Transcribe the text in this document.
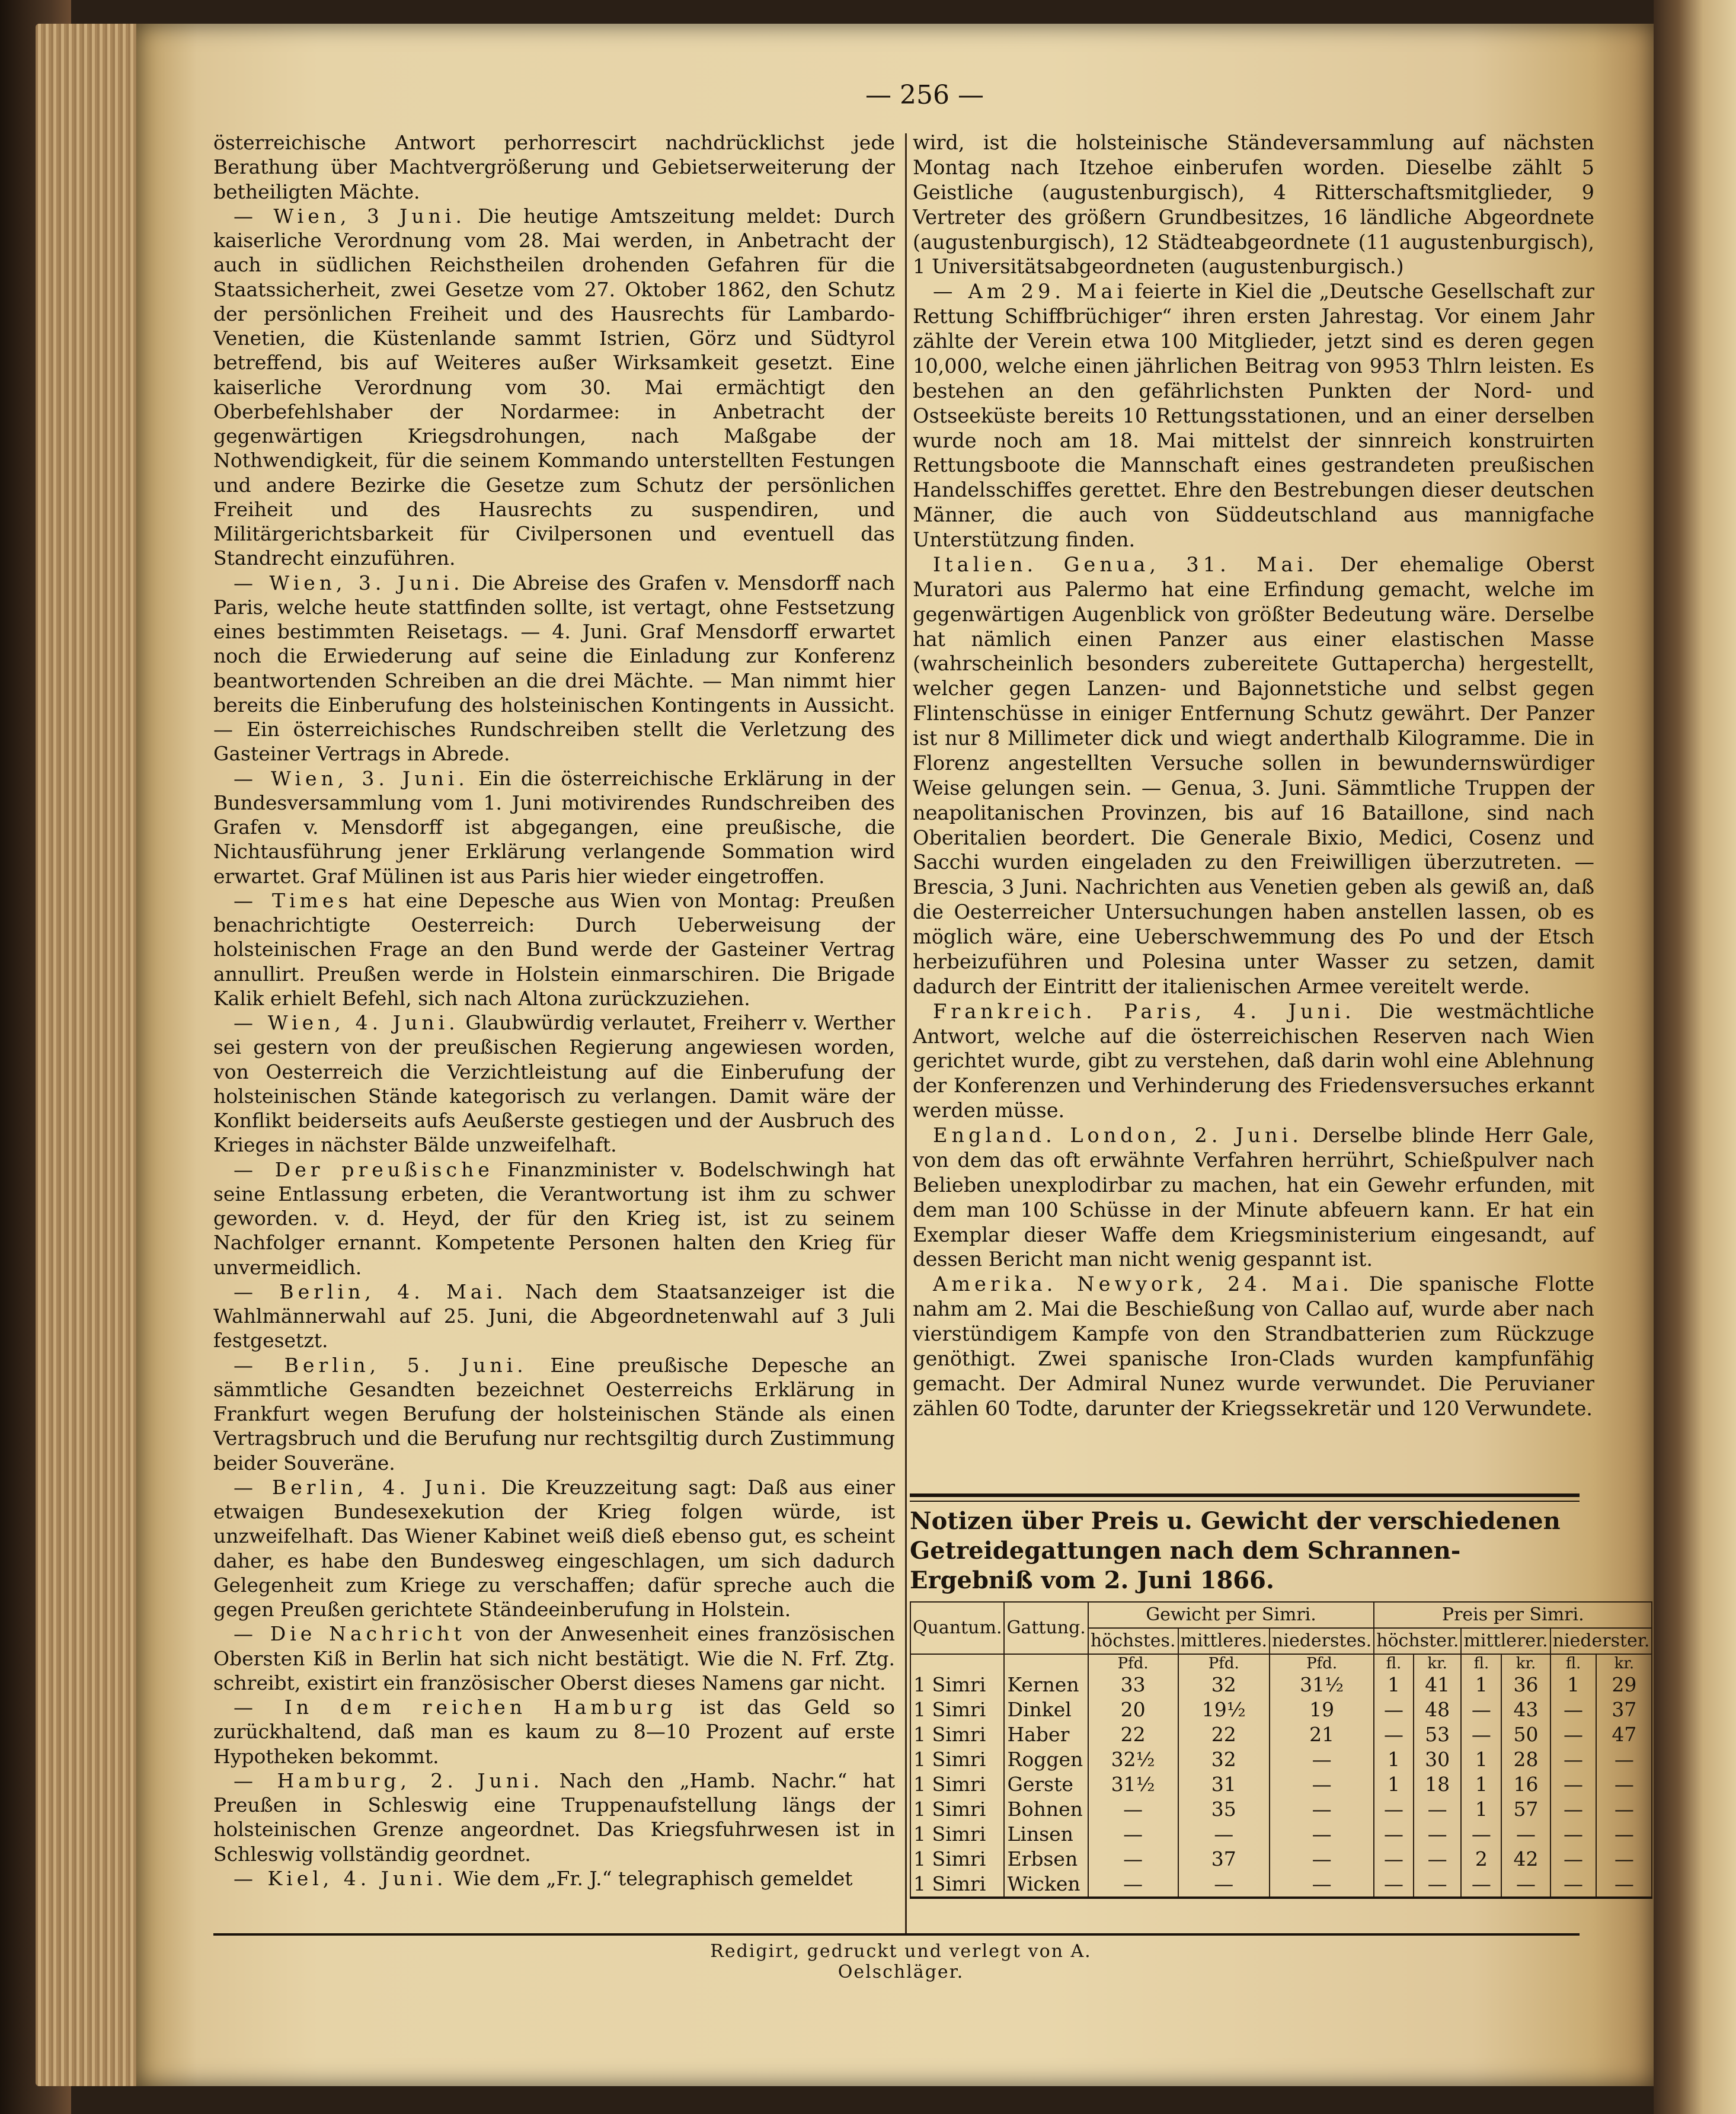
— 256 —

österreichische Antwort perhorrescirt nachdrücklichst jede Berathung über Machtvergrößerung und Gebietserweiterung der betheiligten Mächte.

— Wien, 3 Juni. Die heutige Amtszeitung meldet: Durch kaiserliche Verordnung vom 28. Mai werden, in Anbetracht der auch in südlichen Reichstheilen drohenden Gefahren für die Staatssicherheit, zwei Gesetze vom 27. Oktober 1862, den Schutz der persönlichen Freiheit und des Hausrechts für Lambardo-Venetien, die Küstenlande sammt Istrien, Görz und Südtyrol betreffend, bis auf Weiteres außer Wirksamkeit gesetzt. Eine kaiserliche Verordnung vom 30. Mai ermächtigt den Oberbefehlshaber der Nordarmee: in Anbetracht der gegenwärtigen Kriegsdrohungen, nach Maßgabe der Nothwendigkeit, für die seinem Kommando unterstellten Festungen und andere Bezirke die Gesetze zum Schutz der persönlichen Freiheit und des Hausrechts zu suspendiren, und Militärgerichtsbarkeit für Civilpersonen und eventuell das Standrecht einzuführen.

— Wien, 3. Juni. Die Abreise des Grafen v. Mensdorff nach Paris, welche heute stattfinden sollte, ist vertagt, ohne Festsetzung eines bestimmten Reisetags. — 4. Juni. Graf Mensdorff erwartet noch die Erwiederung auf seine die Einladung zur Konferenz beantwortenden Schreiben an die drei Mächte. — Man nimmt hier bereits die Einberufung des holsteinischen Kontingents in Aussicht. — Ein österreichisches Rundschreiben stellt die Verletzung des Gasteiner Vertrags in Abrede.

— Wien, 3. Juni. Ein die österreichische Erklärung in der Bundesversammlung vom 1. Juni motivirendes Rundschreiben des Grafen v. Mensdorff ist abgegangen, eine preußische, die Nichtausführung jener Erklärung verlangende Sommation wird erwartet. Graf Mülinen ist aus Paris hier wieder eingetroffen.

— Times hat eine Depesche aus Wien von Montag: Preußen benachrichtigte Oesterreich: Durch Ueberweisung der holsteinischen Frage an den Bund werde der Gasteiner Vertrag annullirt. Preußen werde in Holstein einmarschiren. Die Brigade Kalik erhielt Befehl, sich nach Altona zurückzuziehen.

— Wien, 4. Juni. Glaubwürdig verlautet, Freiherr v. Werther sei gestern von der preußischen Regierung angewiesen worden, von Oesterreich die Verzichtleistung auf die Einberufung der holsteinischen Stände kategorisch zu verlangen. Damit wäre der Konflikt beiderseits aufs Aeußerste gestiegen und der Ausbruch des Krieges in nächster Bälde unzweifelhaft.

— Der preußische Finanzminister v. Bodelschwingh hat seine Entlassung erbeten, die Verantwortung ist ihm zu schwer geworden. v. d. Heyd, der für den Krieg ist, ist zu seinem Nachfolger ernannt. Kompetente Personen halten den Krieg für unvermeidlich.

— Berlin, 4. Mai. Nach dem Staatsanzeiger ist die Wahlmännerwahl auf 25. Juni, die Abgeordnetenwahl auf 3 Juli festgesetzt.

— Berlin, 5. Juni. Eine preußische Depesche an sämmtliche Gesandten bezeichnet Oesterreichs Erklärung in Frankfurt wegen Berufung der holsteinischen Stände als einen Vertragsbruch und die Berufung nur rechtsgiltig durch Zustimmung beider Souveräne.

— Berlin, 4. Juni. Die Kreuzzeitung sagt: Daß aus einer etwaigen Bundesexekution der Krieg folgen würde, ist unzweifelhaft. Das Wiener Kabinet weiß dieß ebenso gut, es scheint daher, es habe den Bundesweg eingeschlagen, um sich dadurch Gelegenheit zum Kriege zu verschaffen; dafür spreche auch die gegen Preußen gerichtete Ständeeinberufung in Holstein.

— Die Nachricht von der Anwesenheit eines französischen Obersten Kiß in Berlin hat sich nicht bestätigt. Wie die N. Frf. Ztg. schreibt, existirt ein französischer Oberst dieses Namens gar nicht.

— In dem reichen Hamburg ist das Geld so zurückhaltend, daß man es kaum zu 8—10 Prozent auf erste Hypotheken bekommt.

— Hamburg, 2. Juni. Nach den „Hamb. Nachr.“ hat Preußen in Schleswig eine Truppenaufstellung längs der holsteinischen Grenze angeordnet. Das Kriegsfuhrwesen ist in Schleswig vollständig geordnet.

— Kiel, 4. Juni. Wie dem „Fr. J.“ telegraphisch gemeldet

wird, ist die holsteinische Ständeversammlung auf nächsten Montag nach Itzehoe einberufen worden. Dieselbe zählt 5 Geistliche (augustenburgisch), 4 Ritterschaftsmitglieder, 9 Vertreter des größern Grundbesitzes, 16 ländliche Abgeordnete (augustenburgisch), 12 Städteabgeordnete (11 augustenburgisch), 1 Universitätsabgeordneten (augustenburgisch.)

— Am 29. Mai feierte in Kiel die „Deutsche Gesellschaft zur Rettung Schiffbrüchiger“ ihren ersten Jahrestag. Vor einem Jahr zählte der Verein etwa 100 Mitglieder, jetzt sind es deren gegen 10,000, welche einen jährlichen Beitrag von 9953 Thlrn leisten. Es bestehen an den gefährlichsten Punkten der Nord- und Ostseeküste bereits 10 Rettungsstationen, und an einer derselben wurde noch am 18. Mai mittelst der sinnreich konstruirten Rettungsboote die Mannschaft eines gestrandeten preußischen Handelsschiffes gerettet. Ehre den Bestrebungen dieser deutschen Männer, die auch von Süddeutschland aus mannigfache Unterstützung finden.

Italien. Genua, 31. Mai. Der ehemalige Oberst Muratori aus Palermo hat eine Erfindung gemacht, welche im gegenwärtigen Augenblick von größter Bedeutung wäre. Derselbe hat nämlich einen Panzer aus einer elastischen Masse (wahrscheinlich besonders zubereitete Guttapercha) hergestellt, welcher gegen Lanzen- und Bajonnetstiche und selbst gegen Flintenschüsse in einiger Entfernung Schutz gewährt. Der Panzer ist nur 8 Millimeter dick und wiegt anderthalb Kilogramme. Die in Florenz angestellten Versuche sollen in bewundernswürdiger Weise gelungen sein. — Genua, 3. Juni. Sämmtliche Truppen der neapolitanischen Provinzen, bis auf 16 Bataillone, sind nach Oberitalien beordert. Die Generale Bixio, Medici, Cosenz und Sacchi wurden eingeladen zu den Freiwilligen überzutreten. — Brescia, 3 Juni. Nachrichten aus Venetien geben als gewiß an, daß die Oesterreicher Untersuchungen haben anstellen lassen, ob es möglich wäre, eine Ueberschwemmung des Po und der Etsch herbeizuführen und Polesina unter Wasser zu setzen, damit dadurch der Eintritt der italienischen Armee vereitelt werde.

Frankreich. Paris, 4. Juni. Die westmächtliche Antwort, welche auf die österreichischen Reserven nach Wien gerichtet wurde, gibt zu verstehen, daß darin wohl eine Ablehnung der Konferenzen und Verhinderung des Friedensversuches erkannt werden müsse.

England. London, 2. Juni. Derselbe blinde Herr Gale, von dem das oft erwähnte Verfahren herrührt, Schießpulver nach Belieben unexplodirbar zu machen, hat ein Gewehr erfunden, mit dem man 100 Schüsse in der Minute abfeuern kann. Er hat ein Exemplar dieser Waffe dem Kriegsministerium eingesandt, auf dessen Bericht man nicht wenig gespannt ist.

Amerika. Newyork, 24. Mai. Die spanische Flotte nahm am 2. Mai die Beschießung von Callao auf, wurde aber nach vierstündigem Kampfe von den Strandbatterien zum Rückzuge genöthigt. Zwei spanische Iron-Clads wurden kampfunfähig gemacht. Der Admiral Nunez wurde verwundet. Die Peruvianer zählen 60 Todte, darunter der Kriegssekretär und 120 Verwundete.

Notizen über Preis u. Gewicht der verschiedenen Getreidegattungen nach dem Schrannen-Ergebniß vom 2. Juni 1866.
Quantum.	Gattung.	Gewicht per Simri.			Preis per Simri.					
		höchstes.	mittleres.	niederstes.	höchster.		mittlerer.		niederster.	
		Pfd.	Pfd.	Pfd.	fl.	kr.	fl.	kr.	fl.	kr.
1 Simri	Kernen	33	32	31½	1	41	1	36	1	29
1 Simri	Dinkel	20	19½	19	—	48	—	43	—	37
1 Simri	Haber	22	22	21	—	53	—	50	—	47
1 Simri	Roggen	32½	32	—	1	30	1	28	—	—
1 Simri	Gerste	31½	31	—	1	18	1	16	—	—
1 Simri	Bohnen	—	35	—	—	—	1	57	—	—
1 Simri	Linsen	—	—	—	—	—	—	—	—	—
1 Simri	Erbsen	—	37	—	—	—	2	42	—	—
1 Simri	Wicken	—	—	—	—	—	—	—	—	—
Redigirt, gedruckt und verlegt von A. Oelschläger.
